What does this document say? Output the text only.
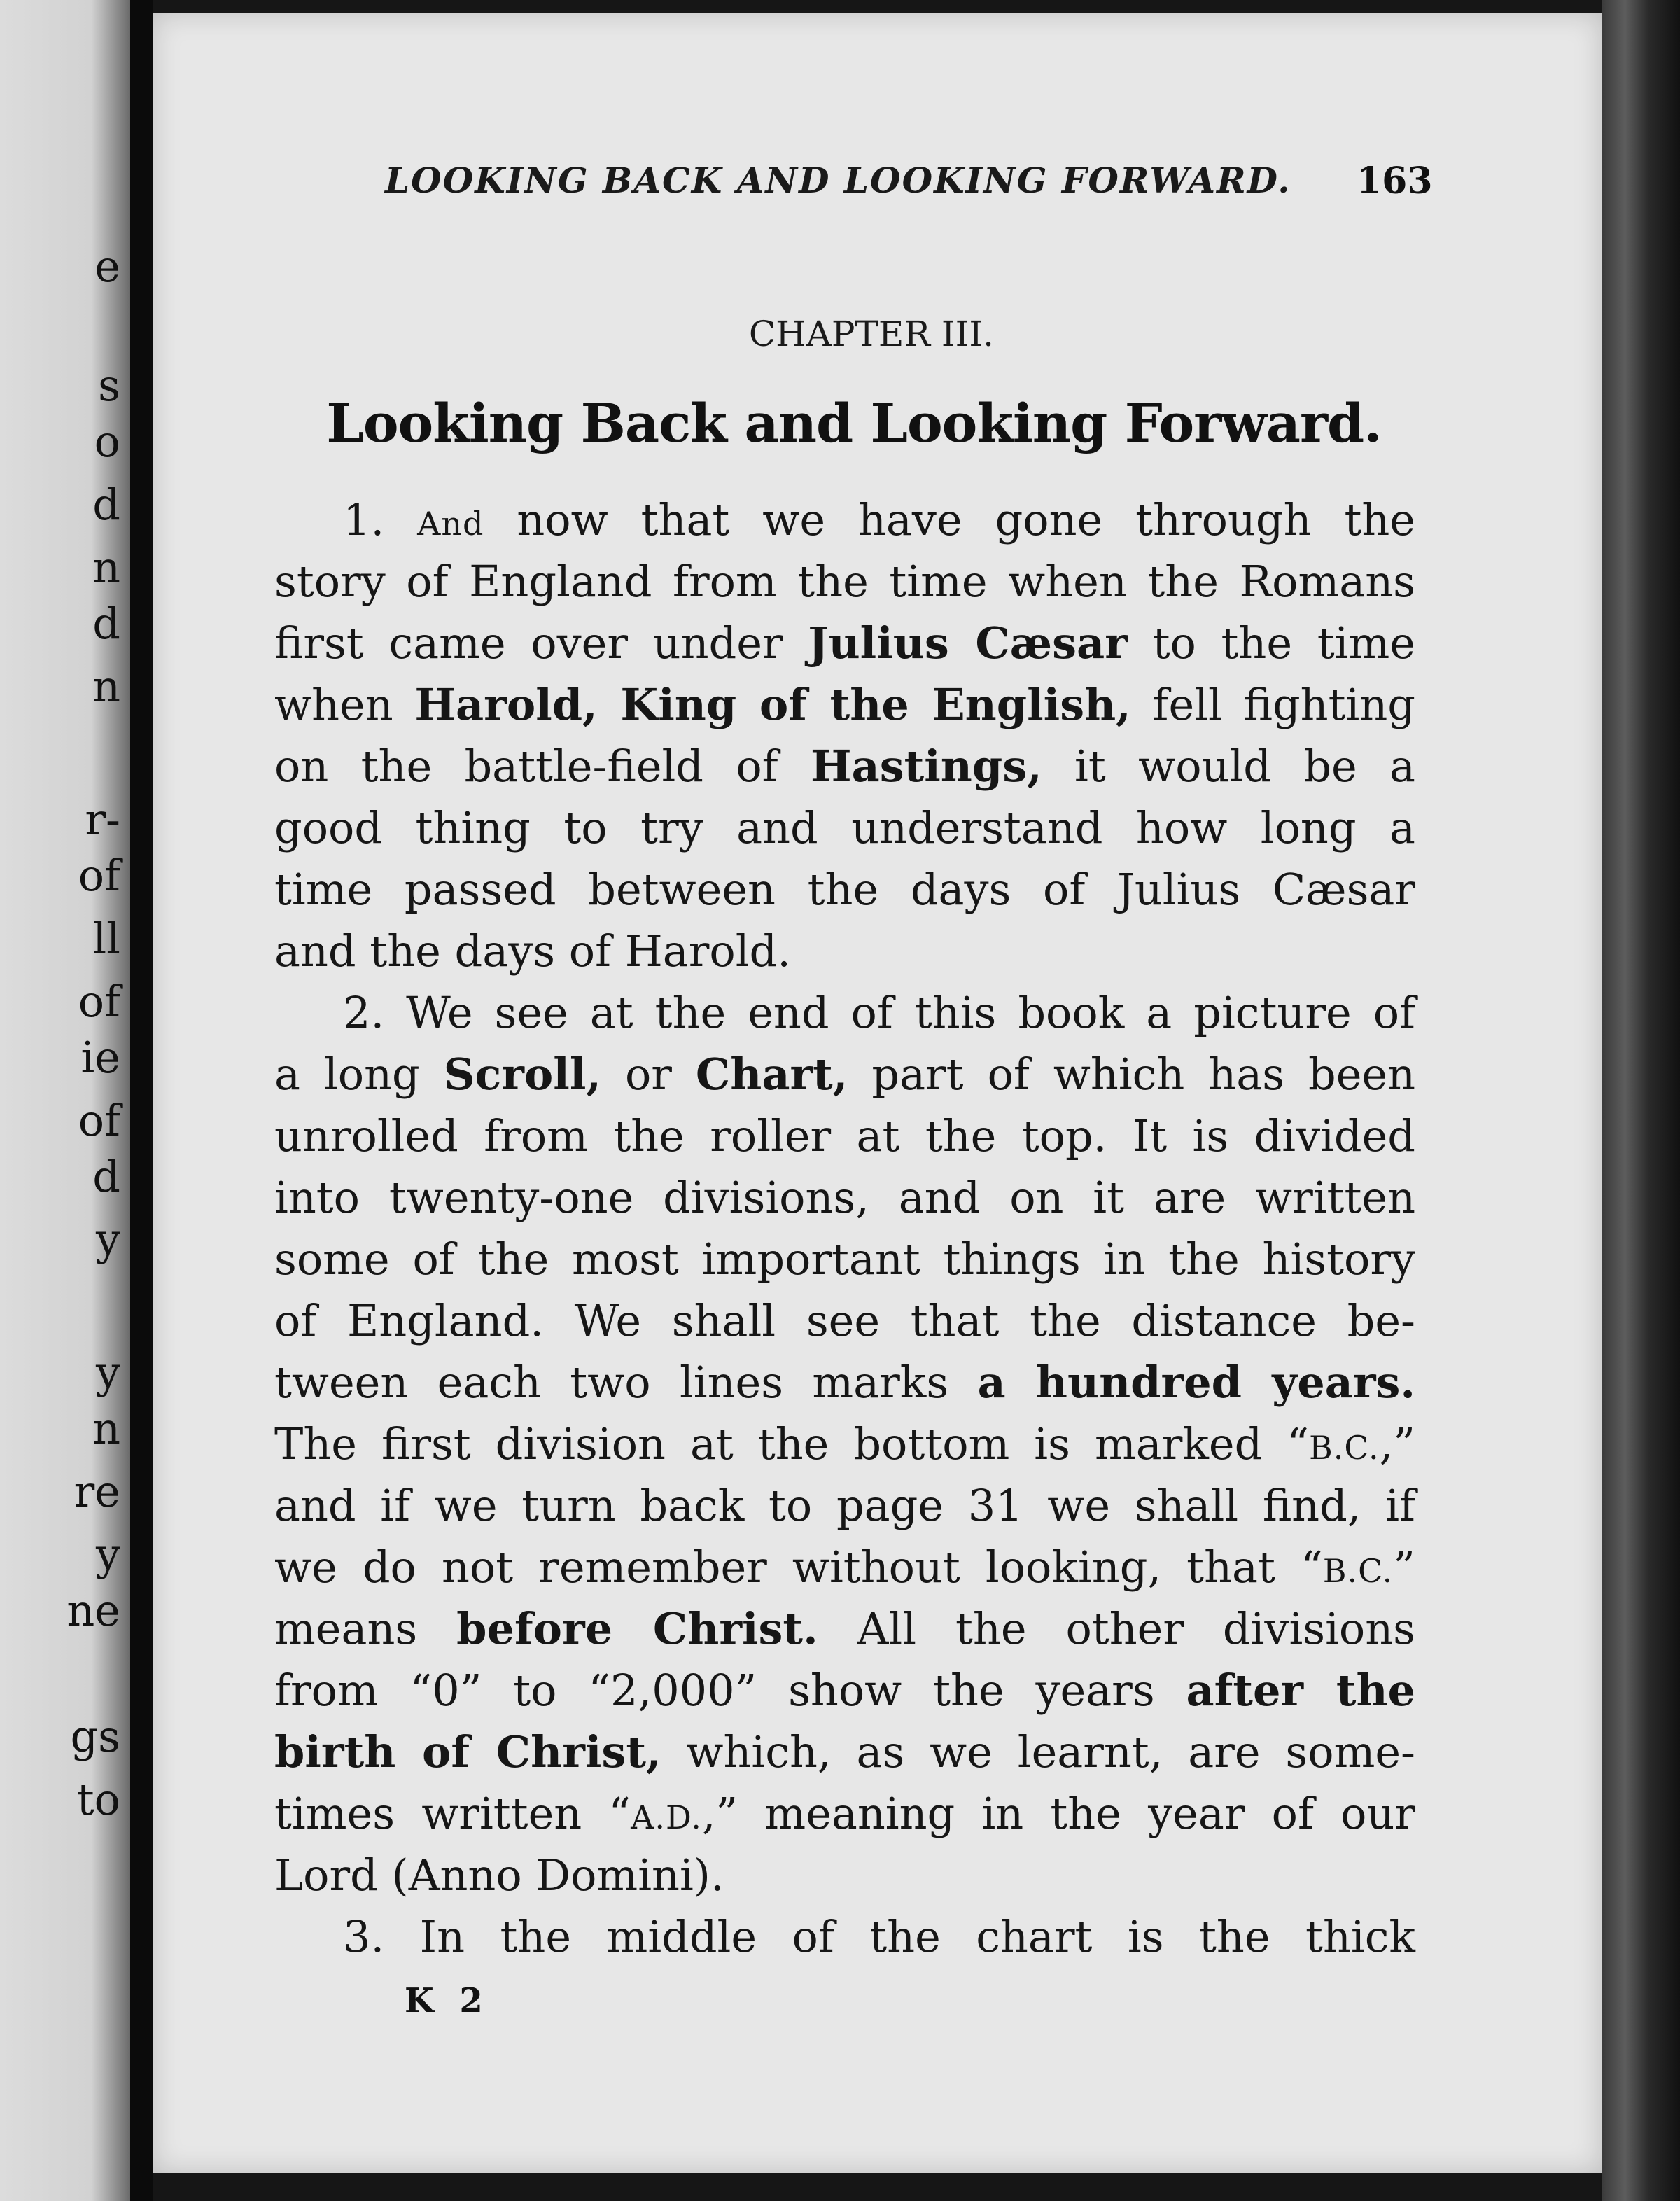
e
s
o
d
n
d
n
r-
of
ll
of
ie
of
d
y
y
n
re
y
ne
gs
to
LOOKING BACK AND LOOKING FORWARD.	163
CHAPTER III.
Looking Back and Looking Forward.
1. And now that we have gone through the
story of England from the time when the Romans
first came over under Julius Cæsar to the time
when Harold, King of the English, fell fighting
on the battle-field of Hastings, it would be a
good thing to try and understand how long a
time passed between the days of Julius Cæsar
and the days of Harold.
2. We see at the end of this book a picture of
a long Scroll, or Chart, part of which has been
unrolled from the roller at the top. It is divided
into twenty-one divisions, and on it are written
some of the most important things in the history
of England. We shall see that the distance be-
tween each two lines marks a hundred years.
The first division at the bottom is marked “B.C.,”
and if we turn back to page 31 we shall find, if
we do not remember without looking, that “B.C.”
means before Christ. All the other divisions
from “0” to “2,000” show the years after the
birth of Christ, which, as we learnt, are some-
times written “A.D.,” meaning in the year of our
Lord (Anno Domini).
3. In the middle of the chart is the thick
K 2
